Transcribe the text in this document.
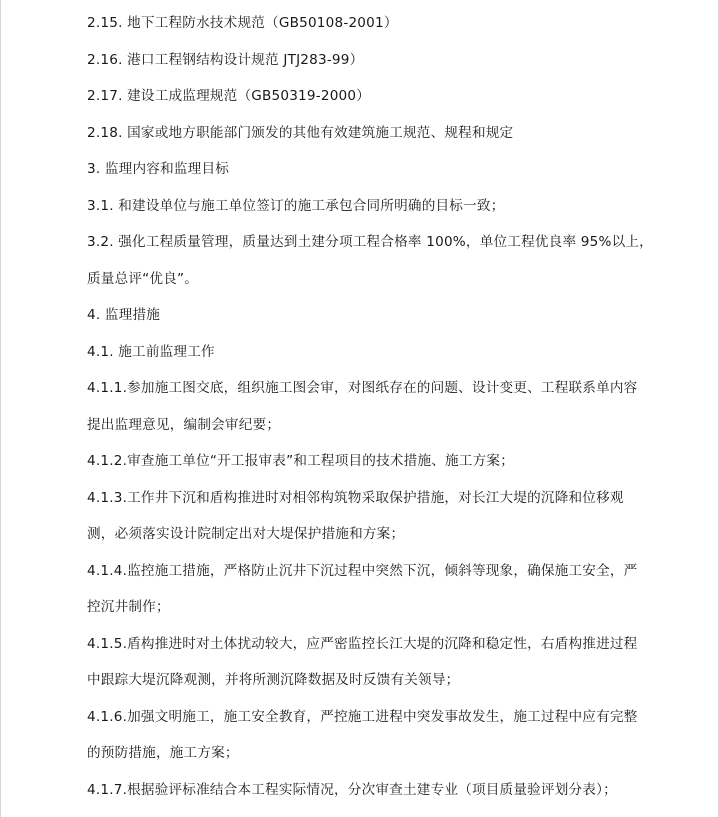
2.15. 地下工程防水技术规范（GB50108-2001）
2.16. 港口工程钢结构设计规范 JTJ283-99）
2.17. 建设工成监理规范（GB50319-2000）
2.18. 国家或地方职能部门颁发的其他有效建筑施工规范、规程和规定
3. 监理内容和监理目标
3.1. 和建设单位与施工单位签订的施工承包合同所明确的目标一致；
3.2. 强化工程质量管理，质量达到土建分项工程合格率 100%，单位工程优良率 95%以上，
质量总评“优良”。
4. 监理措施
4.1. 施工前监理工作
4.1.1.参加施工图交底，组织施工图会审，对图纸存在的问题、设计变更、工程联系单内容
提出监理意见，编制会审纪要；
4.1.2.审查施工单位“开工报审表”和工程项目的技术措施、施工方案；
4.1.3.工作井下沉和盾构推进时对相邻构筑物采取保护措施，对长江大堤的沉降和位移观
测，必须落实设计院制定出对大堤保护措施和方案；
4.1.4.监控施工措施，严格防止沉井下沉过程中突然下沉，倾斜等现象，确保施工安全，严
控沉井制作；
4.1.5.盾构推进时对土体扰动较大，应严密监控长江大堤的沉降和稳定性，右盾构推进过程
中跟踪大堤沉降观测，并将所测沉降数据及时反馈有关领导；
4.1.6.加强文明施工，施工安全教育，严控施工进程中突发事故发生，施工过程中应有完整
的预防措施，施工方案；
4.1.7.根据验评标准结合本工程实际情况，分次审查土建专业（项目质量验评划分表）；
